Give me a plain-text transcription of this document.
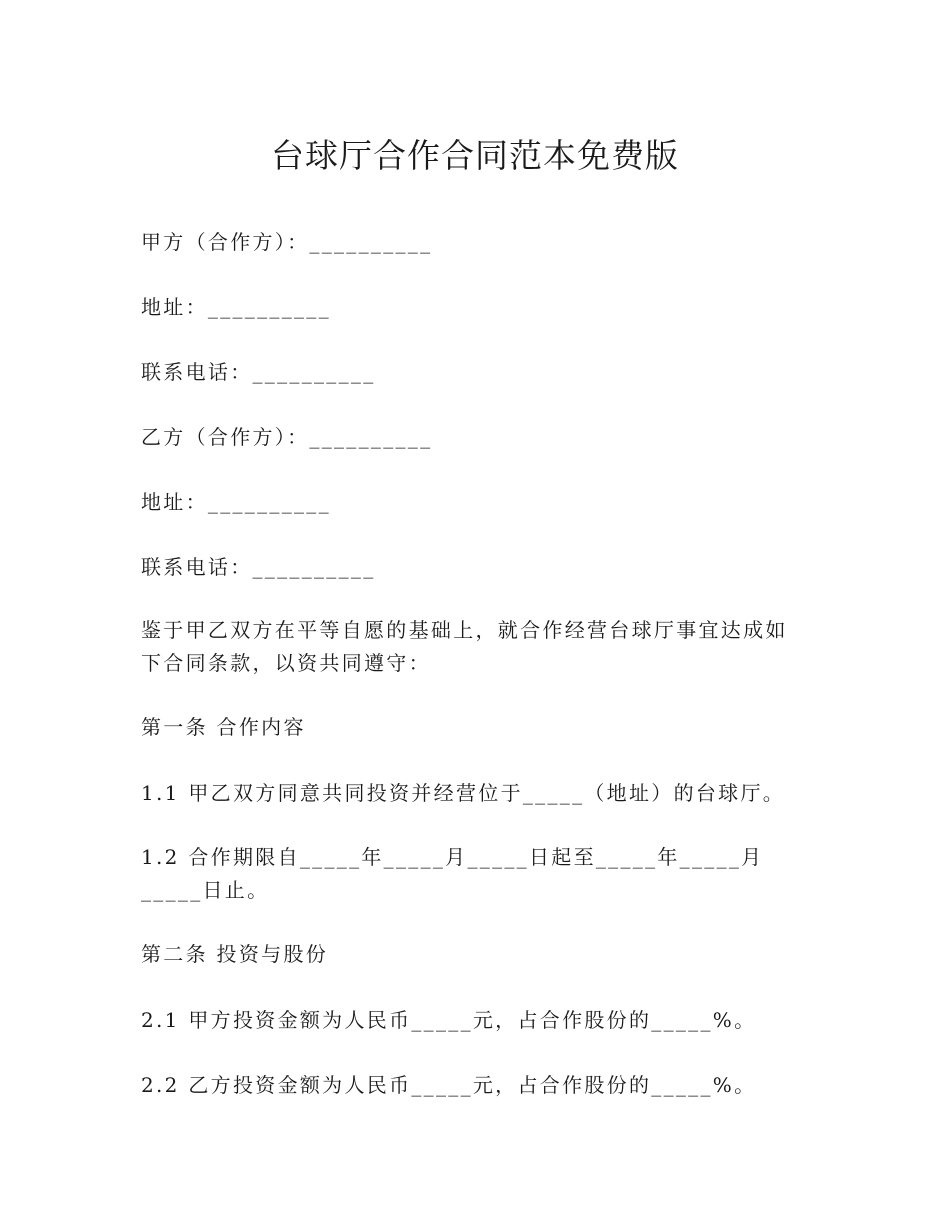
台球厅合作合同范本免费版

甲方（合作方）：__________

地址：__________

联系电话：__________

乙方（合作方）：__________

地址：__________

联系电话：__________

鉴于甲乙双方在平等自愿的基础上，就合作经营台球厅事宜达成如下合同条款，以资共同遵守：

第一条 合作内容

1.1 甲乙双方同意共同投资并经营位于_____（地址）的台球厅。

1.2 合作期限自_____年_____月_____日起至_____年_____月_____日止。

第二条 投资与股份

2.1 甲方投资金额为人民币_____元，占合作股份的_____%。

2.2 乙方投资金额为人民币_____元，占合作股份的_____%。
